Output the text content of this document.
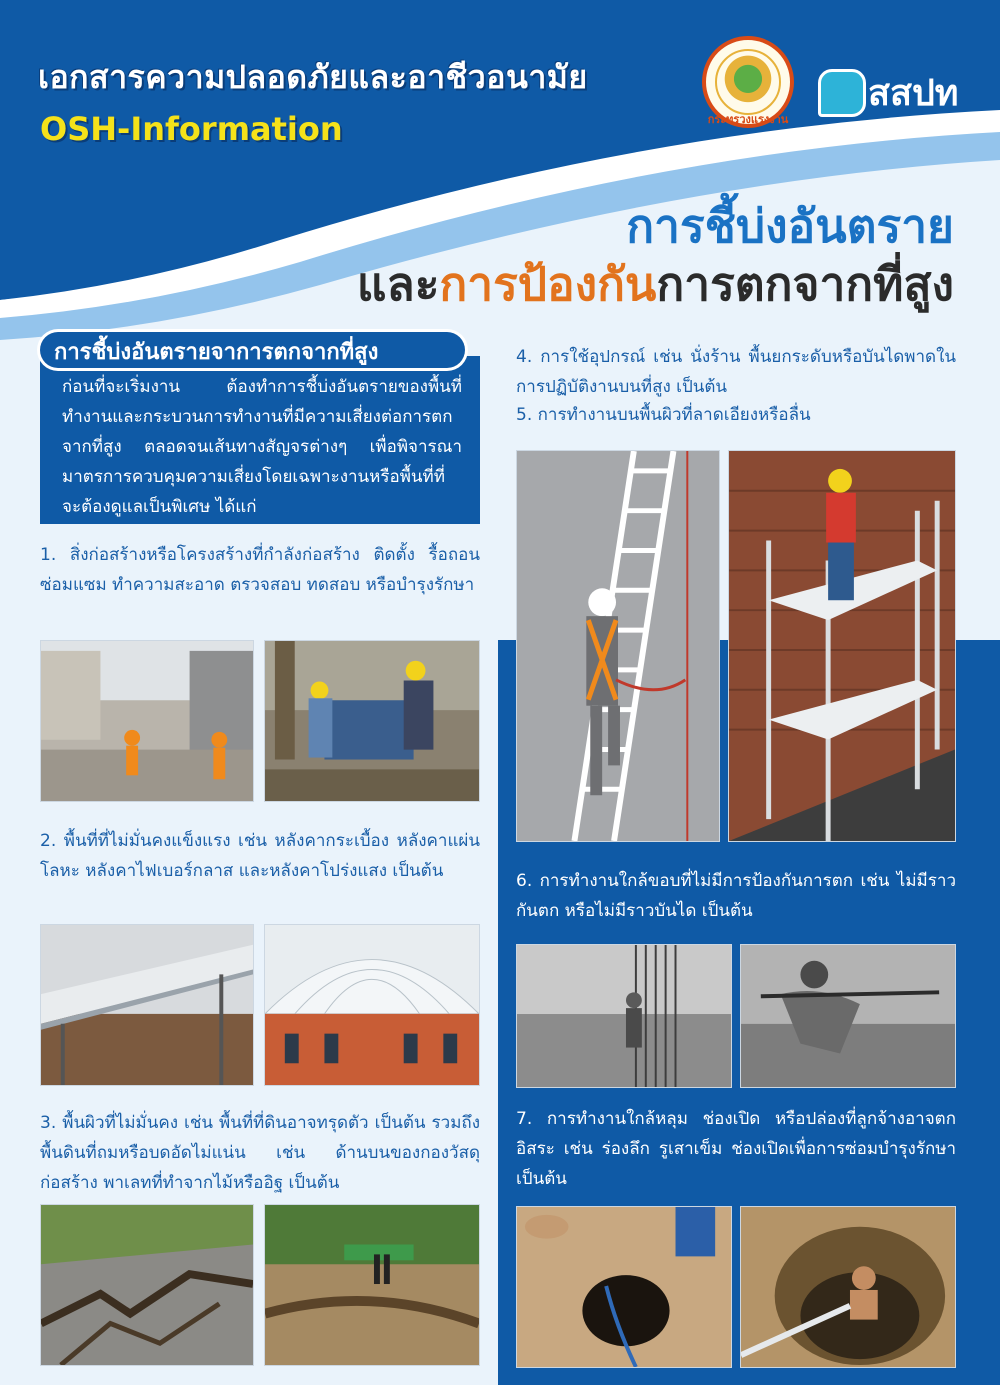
เอกสารความปลอดภัยและอาชีวอนามัย
OSH-Information	กระทรวงแรงงาน
สสปท
การชี้บ่งอันตราย
และการป้องกันการตกจากที่สูง
ก่อนที่จะเริ่มงาน ต้องทำการชี้บ่งอันตรายของพื้นที่ทำงานและกระบวนการทำงานที่มีความเสี่ยงต่อการตกจากที่สูง ตลอดจนเส้นทางสัญจรต่างๆ เพื่อพิจารณามาตรการควบคุมความเสี่ยงโดยเฉพาะงานหรือพื้นที่ที่จะต้องดูแลเป็นพิเศษ ได้แก่
การชี้บ่งอันตรายจาการตกจากที่สูง
1. สิ่งก่อสร้างหรือโครงสร้างที่กำลังก่อสร้าง ติดตั้ง รื้อถอน ซ่อมแซม ทำความสะอาด ตรวจสอบ ทดสอบ หรือบำรุงรักษา
2. พื้นที่ที่ไม่มั่นคงแข็งแรง เช่น หลังคากระเบื้อง หลังคาแผ่นโลหะ หลังคาไฟเบอร์กลาส และหลังคาโปร่งแสง เป็นต้น
3. พื้นผิวที่ไม่มั่นคง เช่น พื้นที่ที่ดินอาจทรุดตัว เป็นต้น รวมถึงพื้นดินที่ถมหรือบดอัดไม่แน่น เช่น ด้านบนของกองวัสดุก่อสร้าง พาเลทที่ทำจากไม้หรืออิฐ เป็นต้น
4. การใช้อุปกรณ์ เช่น นั่งร้าน พื้นยกระดับหรือบันไดพาดในการปฏิบัติงานบนที่สูง เป็นต้น
5. การทำงานบนพื้นผิวที่ลาดเอียงหรือลื่น
6. การทำงานใกล้ขอบที่ไม่มีการป้องกันการตก เช่น ไม่มีราวกันตก หรือไม่มีราวบันได เป็นต้น
7. การทำงานใกล้หลุม ช่องเปิด หรือปล่องที่ลูกจ้างอาจตกอิสระ เช่น ร่องลึก รูเสาเข็ม ช่องเปิดเพื่อการซ่อมบำรุงรักษา เป็นต้น
